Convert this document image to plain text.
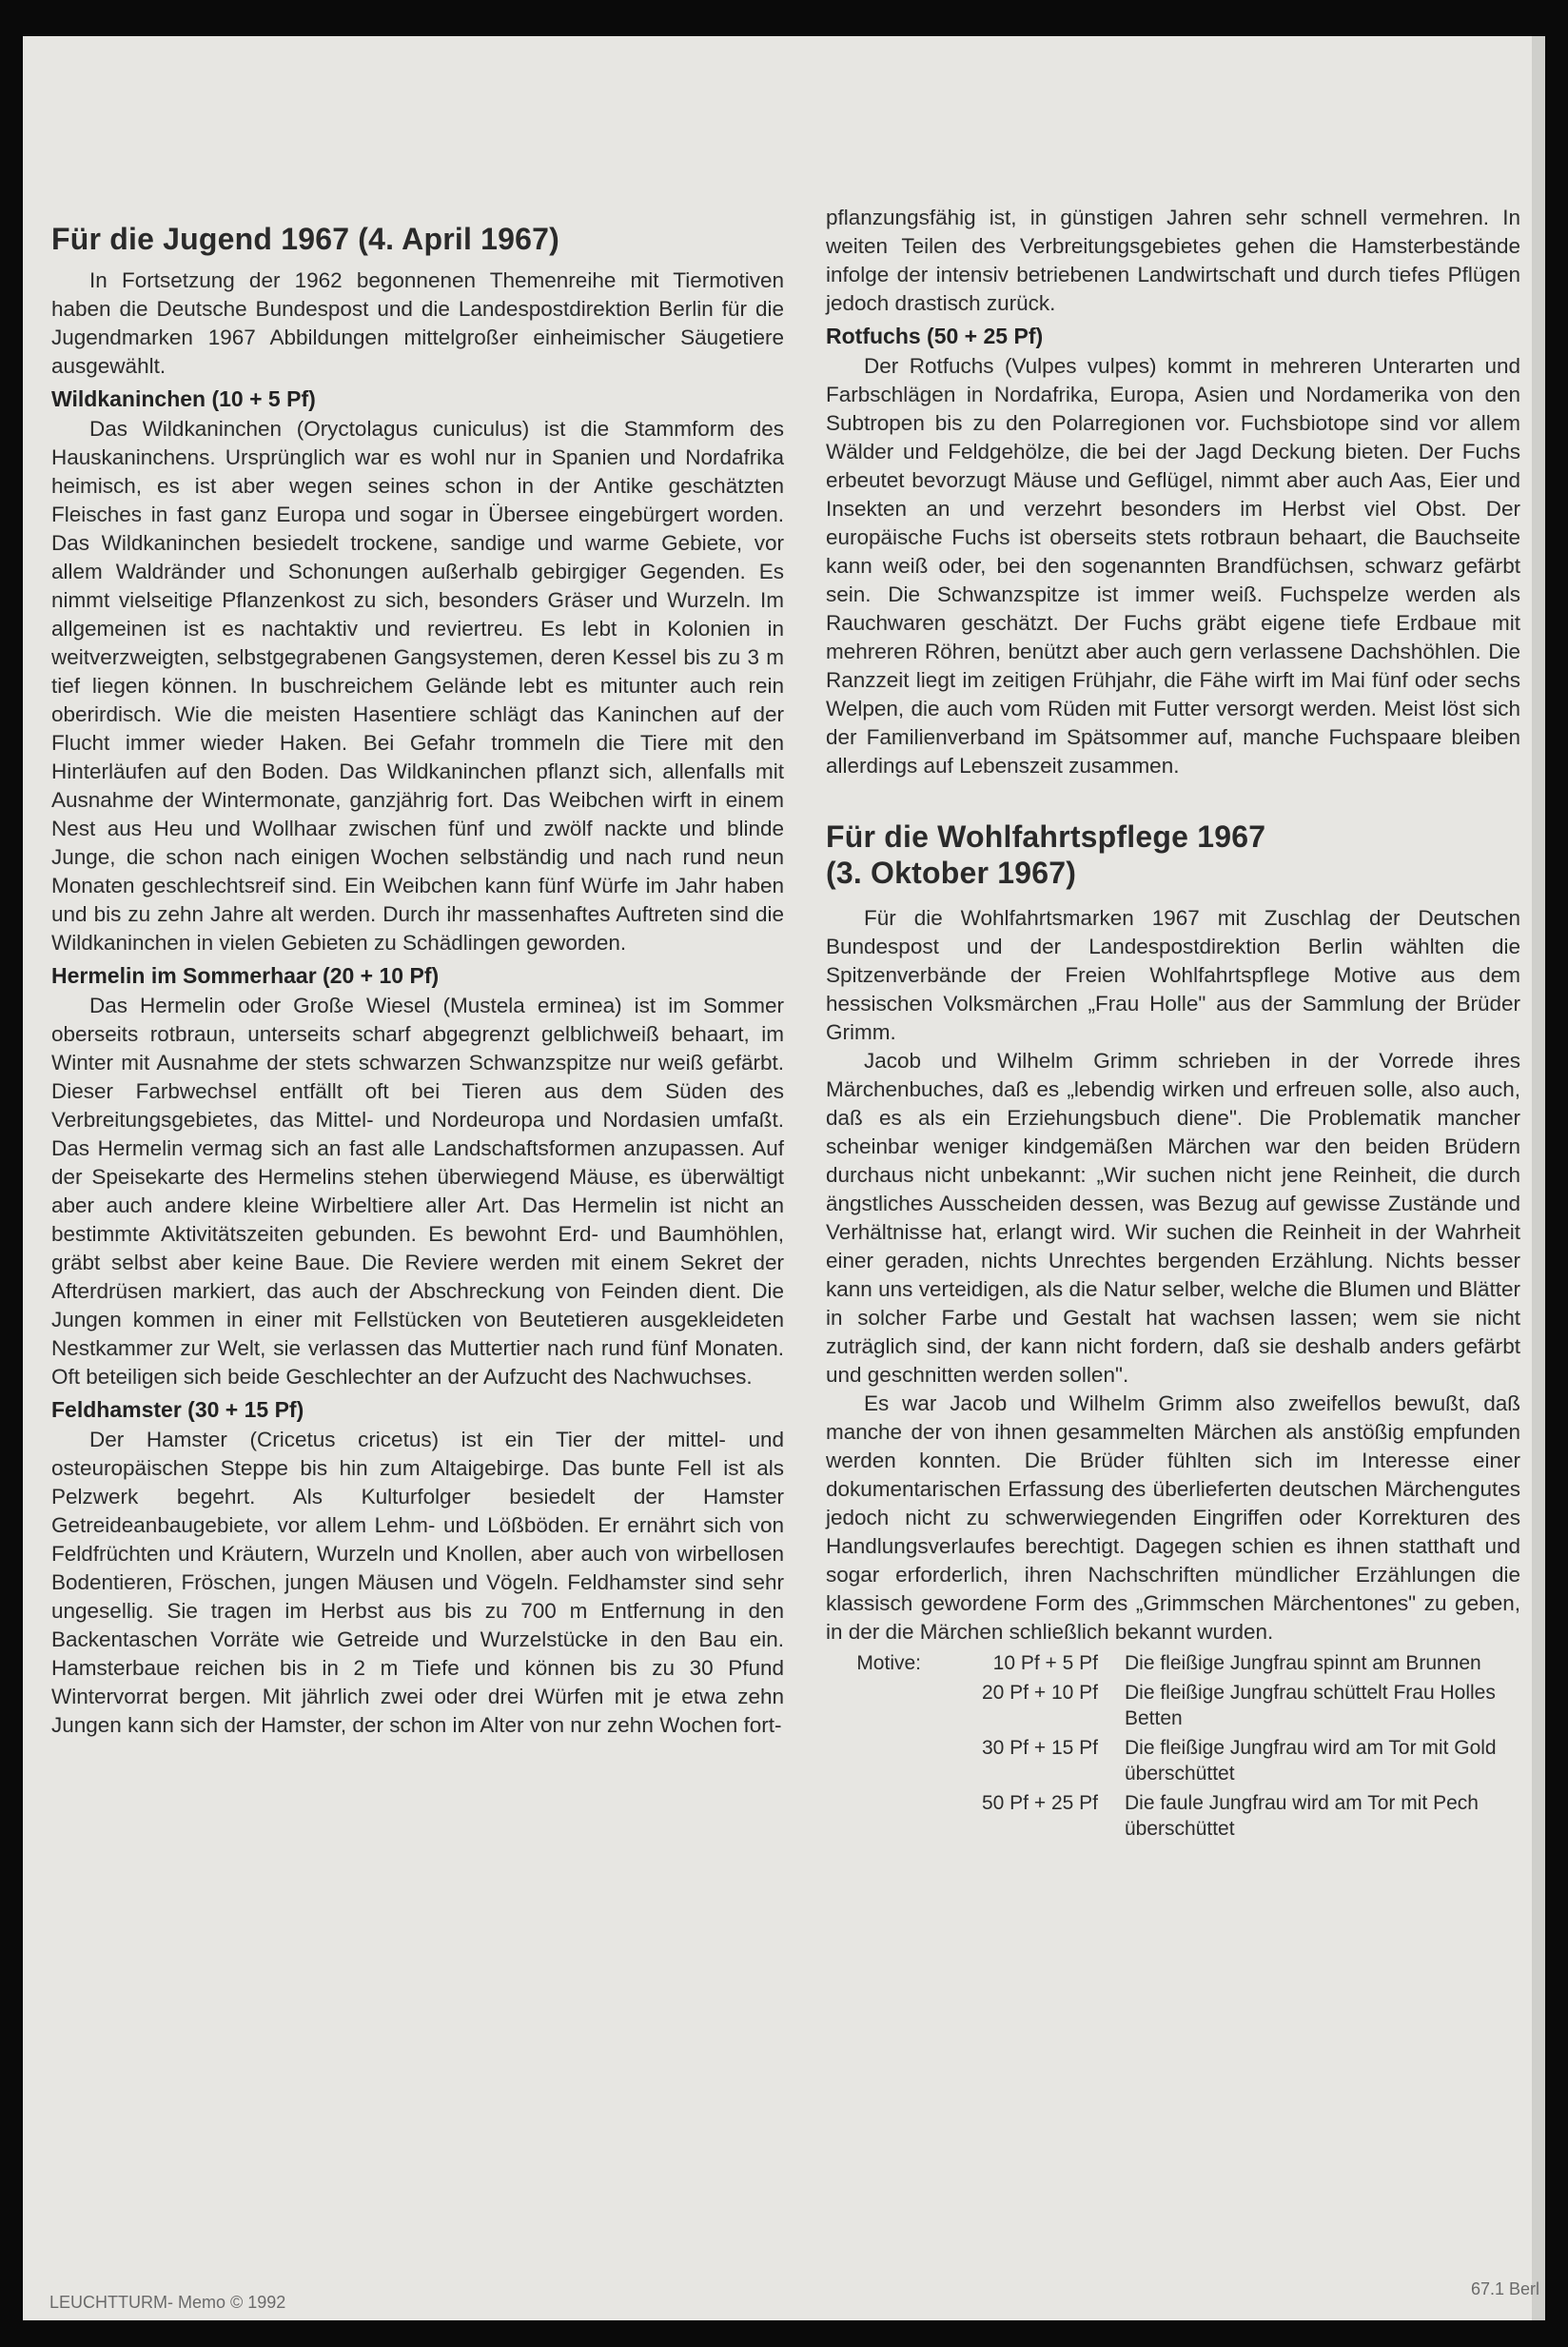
Für die Jugend 1967 (4. April 1967)

In Fortsetzung der 1962 begonnenen Themenreihe mit Tiermotiven haben die Deutsche Bundespost und die Landespostdirektion Berlin für die Jugendmarken 1967 Abbildungen mittelgroßer einheimischer Säugetiere ausgewählt.

Wildkaninchen (10 + 5 Pf)

Das Wildkaninchen (Oryctolagus cuniculus) ist die Stammform des Hauskaninchens. Ursprünglich war es wohl nur in Spanien und Nordafrika heimisch, es ist aber wegen seines schon in der Antike geschätzten Fleisches in fast ganz Europa und sogar in Übersee eingebürgert worden. Das Wildkaninchen besiedelt trockene, sandige und warme Gebiete, vor allem Waldränder und Schonungen außerhalb gebirgiger Gegenden. Es nimmt vielseitige Pflanzenkost zu sich, besonders Gräser und Wurzeln. Im allgemeinen ist es nachtaktiv und reviertreu. Es lebt in Kolonien in weitverzweigten, selbstgegrabenen Gangsystemen, deren Kessel bis zu 3 m tief liegen können. In buschreichem Gelände lebt es mitunter auch rein oberirdisch. Wie die meisten Hasentiere schlägt das Kaninchen auf der Flucht immer wieder Haken. Bei Gefahr trommeln die Tiere mit den Hinterläufen auf den Boden. Das Wildkaninchen pflanzt sich, allenfalls mit Ausnahme der Wintermonate, ganzjährig fort. Das Weibchen wirft in einem Nest aus Heu und Wollhaar zwischen fünf und zwölf nackte und blinde Junge, die schon nach einigen Wochen selbständig und nach rund neun Monaten geschlechtsreif sind. Ein Weibchen kann fünf Würfe im Jahr haben und bis zu zehn Jahre alt werden. Durch ihr massenhaftes Auftreten sind die Wildkaninchen in vielen Gebieten zu Schädlingen geworden.

Hermelin im Sommerhaar (20 + 10 Pf)

Das Hermelin oder Große Wiesel (Mustela erminea) ist im Sommer oberseits rotbraun, unterseits scharf abgegrenzt gelblichweiß behaart, im Winter mit Ausnahme der stets schwarzen Schwanzspitze nur weiß gefärbt. Dieser Farbwechsel entfällt oft bei Tieren aus dem Süden des Verbreitungsgebietes, das Mittel- und Nordeuropa und Nordasien umfaßt. Das Hermelin vermag sich an fast alle Landschaftsformen anzupassen. Auf der Speisekarte des Hermelins stehen überwiegend Mäuse, es überwältigt aber auch andere kleine Wirbeltiere aller Art. Das Hermelin ist nicht an bestimmte Aktivitätszeiten gebunden. Es bewohnt Erd- und Baumhöhlen, gräbt selbst aber keine Baue. Die Reviere werden mit einem Sekret der Afterdrüsen markiert, das auch der Abschreckung von Feinden dient. Die Jungen kommen in einer mit Fellstücken von Beutetieren ausgekleideten Nestkammer zur Welt, sie verlassen das Muttertier nach rund fünf Monaten. Oft beteiligen sich beide Geschlechter an der Aufzucht des Nachwuchses.

Feldhamster (30 + 15 Pf)

Der Hamster (Cricetus cricetus) ist ein Tier der mittel- und osteuropäischen Steppe bis hin zum Altaigebirge. Das bunte Fell ist als Pelzwerk begehrt. Als Kulturfolger besiedelt der Hamster Getreideanbaugebiete, vor allem Lehm- und Lößböden. Er ernährt sich von Feldfrüchten und Kräutern, Wurzeln und Knollen, aber auch von wirbellosen Bodentieren, Fröschen, jungen Mäusen und Vögeln. Feldhamster sind sehr ungesellig. Sie tragen im Herbst aus bis zu 700 m Entfernung in den Backentaschen Vorräte wie Getreide und Wurzelstücke in den Bau ein. Hamsterbaue reichen bis in 2 m Tiefe und können bis zu 30 Pfund Wintervorrat bergen. Mit jährlich zwei oder drei Würfen mit je etwa zehn Jungen kann sich der Hamster, der schon im Alter von nur zehn Wochen fort-

pflanzungsfähig ist, in günstigen Jahren sehr schnell vermehren. In weiten Teilen des Verbreitungsgebietes gehen die Hamsterbestände infolge der intensiv betriebenen Landwirtschaft und durch tiefes Pflügen jedoch drastisch zurück.

Rotfuchs (50 + 25 Pf)

Der Rotfuchs (Vulpes vulpes) kommt in mehreren Unterarten und Farbschlägen in Nordafrika, Europa, Asien und Nordamerika von den Subtropen bis zu den Polarregionen vor. Fuchsbiotope sind vor allem Wälder und Feldgehölze, die bei der Jagd Deckung bieten. Der Fuchs erbeutet bevorzugt Mäuse und Geflügel, nimmt aber auch Aas, Eier und Insekten an und verzehrt besonders im Herbst viel Obst. Der europäische Fuchs ist oberseits stets rotbraun behaart, die Bauchseite kann weiß oder, bei den sogenannten Brandfüchsen, schwarz gefärbt sein. Die Schwanzspitze ist immer weiß. Fuchspelze werden als Rauchwaren geschätzt. Der Fuchs gräbt eigene tiefe Erdbaue mit mehreren Röhren, benützt aber auch gern verlassene Dachshöhlen. Die Ranzzeit liegt im zeitigen Frühjahr, die Fähe wirft im Mai fünf oder sechs Welpen, die auch vom Rüden mit Futter versorgt werden. Meist löst sich der Familienverband im Spätsommer auf, manche Fuchspaare bleiben allerdings auf Lebenszeit zusammen.

Für die Wohlfahrtspflege 1967
(3. Oktober 1967)

Für die Wohlfahrtsmarken 1967 mit Zuschlag der Deutschen Bundespost und der Landespostdirektion Berlin wählten die Spitzenverbände der Freien Wohlfahrtspflege Motive aus dem hessischen Volksmärchen „Frau Holle" aus der Sammlung der Brüder Grimm.

Jacob und Wilhelm Grimm schrieben in der Vorrede ihres Märchenbuches, daß es „lebendig wirken und erfreuen solle, also auch, daß es als ein Erziehungsbuch diene". Die Problematik mancher scheinbar weniger kindgemäßen Märchen war den beiden Brüdern durchaus nicht unbekannt: „Wir suchen nicht jene Reinheit, die durch ängstliches Ausscheiden dessen, was Bezug auf gewisse Zustände und Verhältnisse hat, erlangt wird. Wir suchen die Reinheit in der Wahrheit einer geraden, nichts Unrechtes bergenden Erzählung. Nichts besser kann uns verteidigen, als die Natur selber, welche die Blumen und Blätter in solcher Farbe und Gestalt hat wachsen lassen; wem sie nicht zuträglich sind, der kann nicht fordern, daß sie deshalb anders gefärbt und geschnitten werden sollen".

Es war Jacob und Wilhelm Grimm also zweifellos bewußt, daß manche der von ihnen gesammelten Märchen als anstößig empfunden werden konnten. Die Brüder fühlten sich im Interesse einer dokumentarischen Erfassung des überlieferten deutschen Märchengutes jedoch nicht zu schwerwiegenden Eingriffen oder Korrekturen des Handlungsverlaufes berechtigt. Dagegen schien es ihnen statthaft und sogar erforderlich, ihren Nachschriften mündlicher Erzählungen die klassisch gewordene Form des „Grimmschen Märchentones" zu geben, in der die Märchen schließlich bekannt wurden.

Motive:	10 Pf + 5 Pf	Die fleißige Jungfrau spinnt am Brunnen
20 Pf + 10 Pf	Die fleißige Jungfrau schüttelt Frau Holles Betten
30 Pf + 15 Pf	Die fleißige Jungfrau wird am Tor mit Gold überschüttet
50 Pf + 25 Pf	Die faule Jungfrau wird am Tor mit Pech überschüttet
LEUCHTTURM- Memo © 1992
67.1 Berl
